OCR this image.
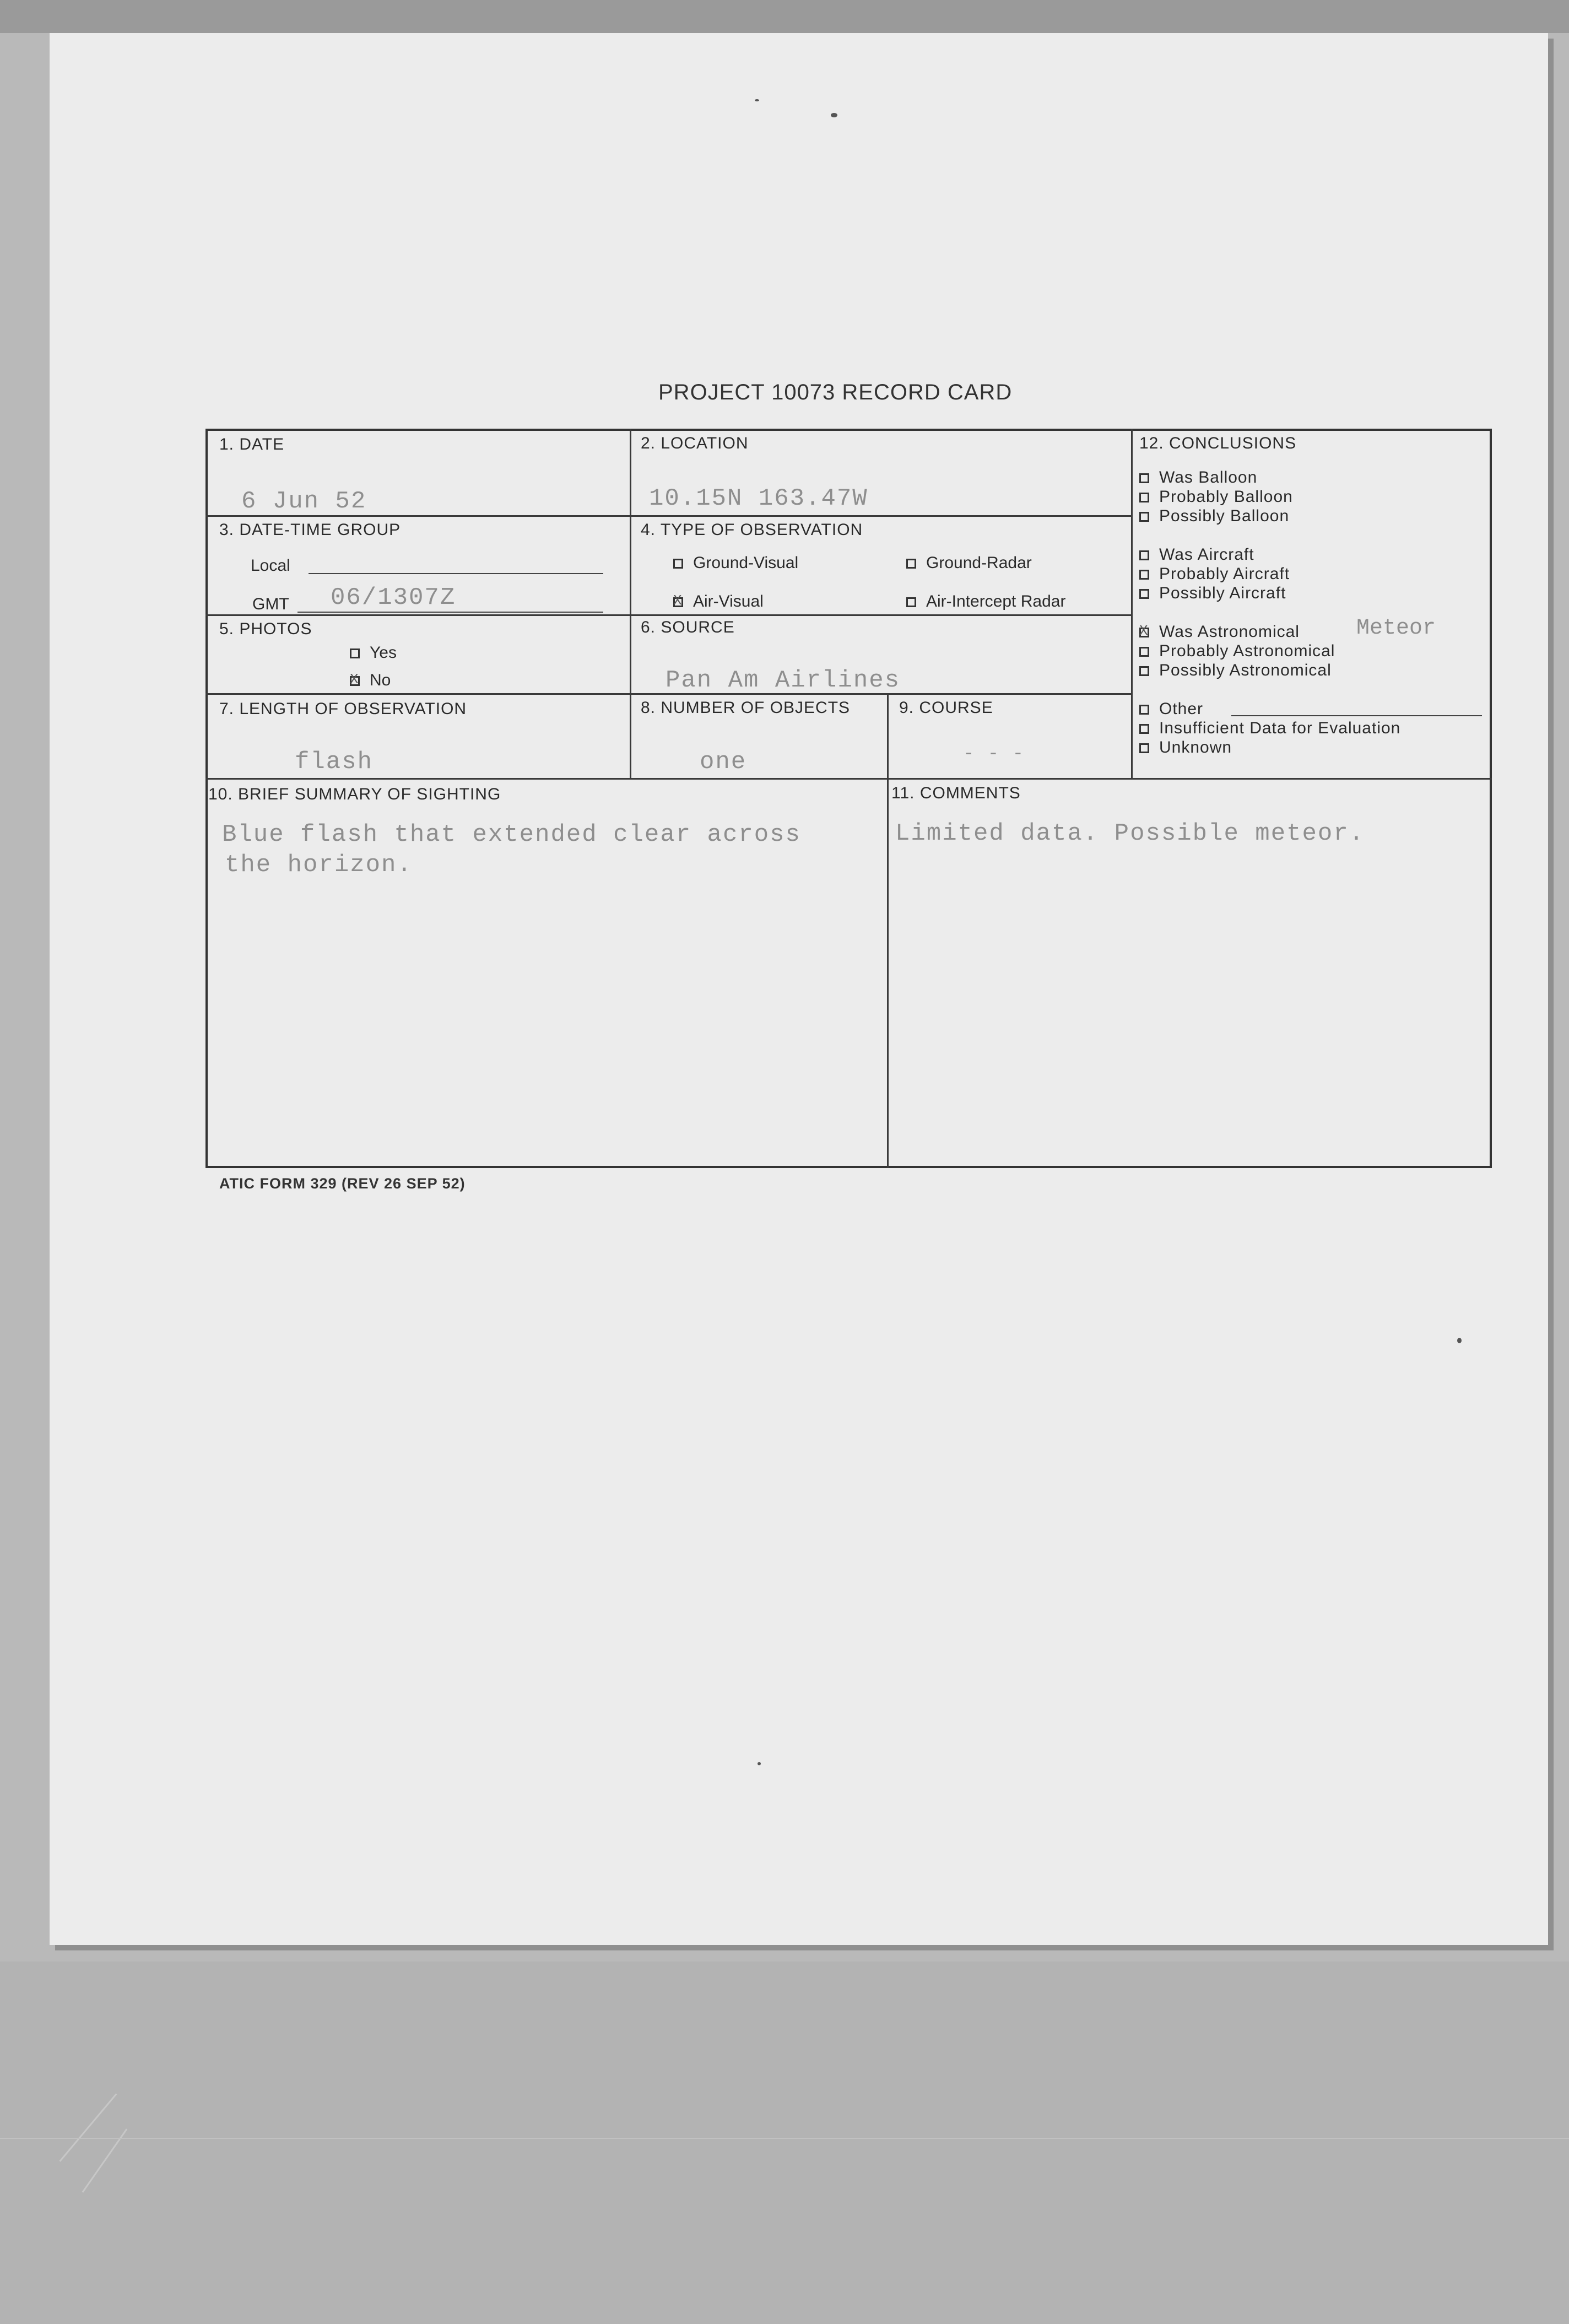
PROJECT 10073 RECORD CARD
1. DATE
6 Jun 52
2. LOCATION
10.15N 163.47W
3. DATE-TIME GROUP
Local
GMT 06/1307Z
4. TYPE OF OBSERVATION
Ground-Visual	Ground-Radar
XAir-Visual	Air-Intercept Radar
5. PHOTOS
Yes
XNo
6. SOURCE
Pan Am Airlines
7. LENGTH OF OBSERVATION
flash
8. NUMBER OF OBJECTS
one
9. COURSE
- - -
12. CONCLUSIONS
Was Balloon
Probably Balloon
Possibly Balloon
Was Aircraft
Probably Aircraft
Possibly Aircraft
XWas Astronomical
Probably Astronomical
Possibly Astronomical
Other
Insufficient Data for Evaluation
Unknown
Meteor
10. BRIEF SUMMARY OF SIGHTING
Blue flash that extended clear across
the horizon.
11. COMMENTS
Limited data. Possible meteor.
ATIC FORM 329 (REV 26 SEP 52)
